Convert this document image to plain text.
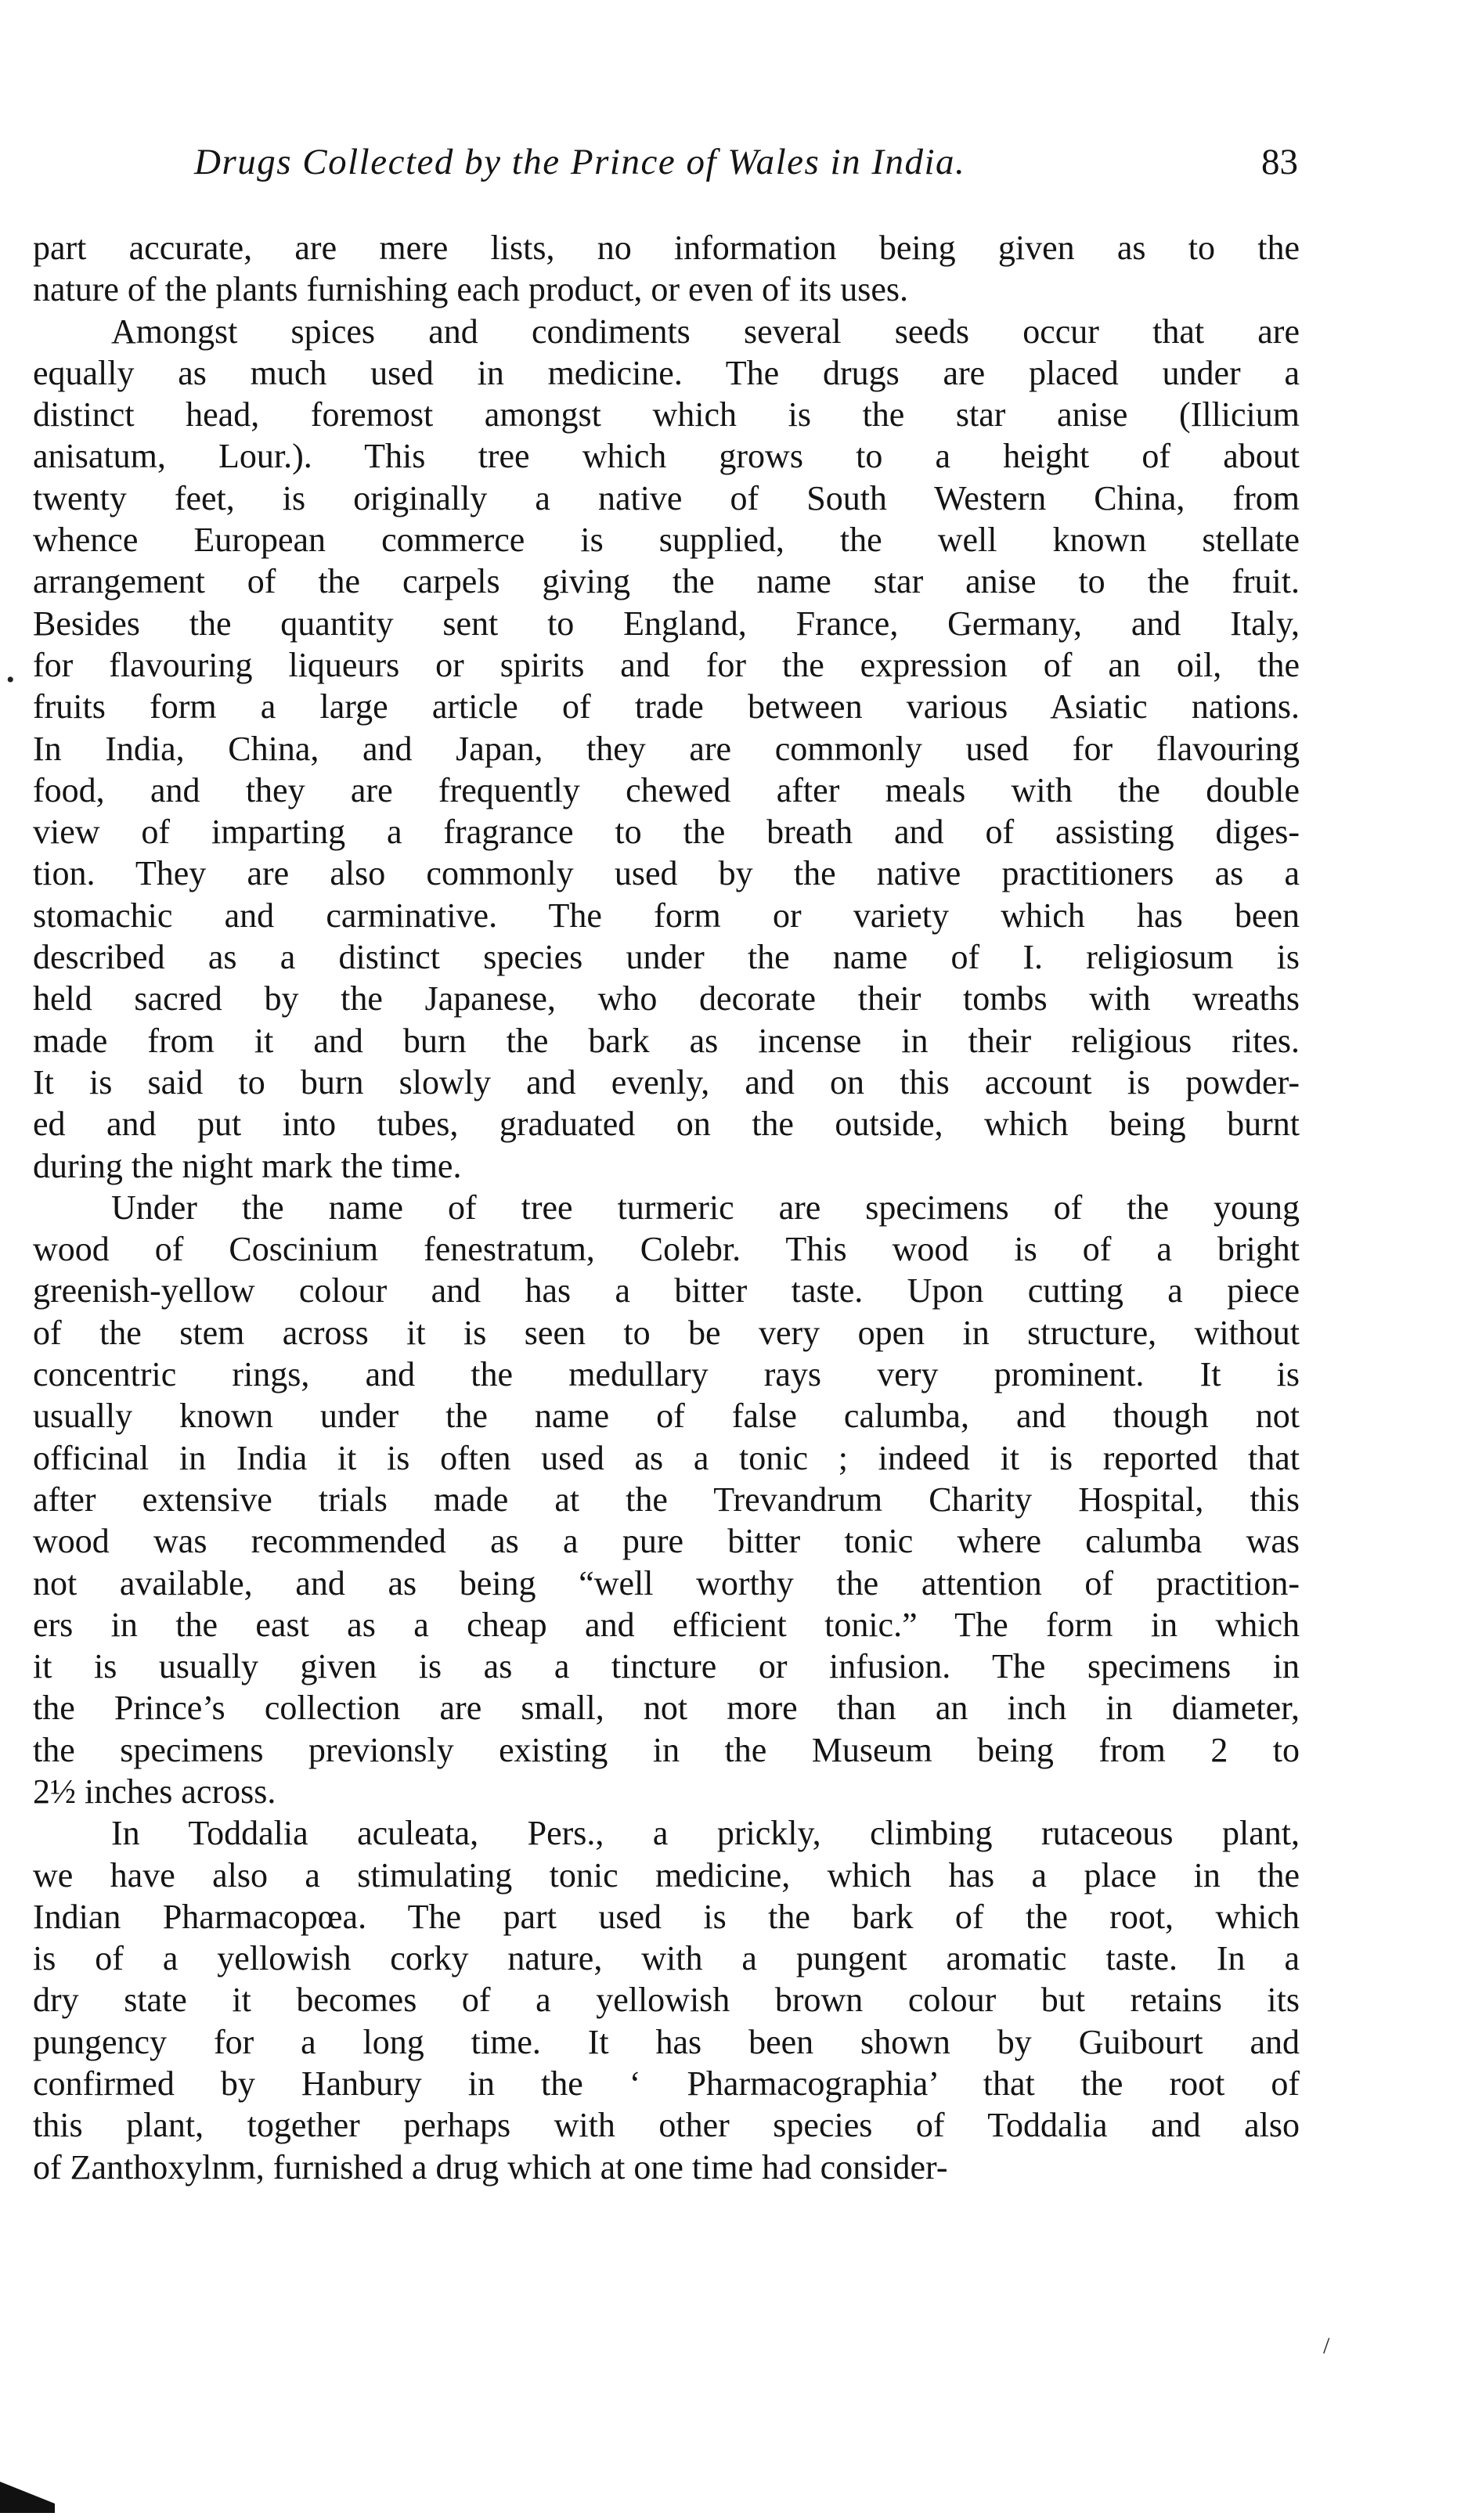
Drugs Collected by the Prince of Wales in India.	83
part accurate, are mere lists, no information being given as to the
nature of the plants furnishing each product, or even of its uses.
Amongst spices and condiments several seeds occur that are
equally as much used in medicine. The drugs are placed under a
distinct head, foremost amongst which is the star anise (Illicium
anisatum, Lour.). This tree which grows to a height of about
twenty feet, is originally a native of South Western China, from
whence European commerce is supplied, the well known stellate
arrangement of the carpels giving the name star anise to the fruit.
Besides the quantity sent to England, France, Germany, and Italy,
for flavouring liqueurs or spirits and for the expression of an oil, the
fruits form a large article of trade between various Asiatic nations.
In India, China, and Japan, they are commonly used for flavouring
food, and they are frequently chewed after meals with the double
view of imparting a fragrance to the breath and of assisting diges-
tion. They are also commonly used by the native practitioners as a
stomachic and carminative. The form or variety which has been
described as a distinct species under the name of I. religiosum is
held sacred by the Japanese, who decorate their tombs with wreaths
made from it and burn the bark as incense in their religious rites.
It is said to burn slowly and evenly, and on this account is powder-
ed and put into tubes, graduated on the outside, which being burnt
during the night mark the time.
Under the name of tree turmeric are specimens of the young
wood of Coscinium fenestratum, Colebr. This wood is of a bright
greenish-yellow colour and has a bitter taste. Upon cutting a piece
of the stem across it is seen to be very open in structure, without
concentric rings, and the medullary rays very prominent. It is
usually known under the name of false calumba, and though not
officinal in India it is often used as a tonic ; indeed it is reported that
after extensive trials made at the Trevandrum Charity Hospital, this
wood was recommended as a pure bitter tonic where calumba was
not available, and as being “well worthy the attention of practition-
ers in the east as a cheap and efficient tonic.” The form in which
it is usually given is as a tincture or infusion. The specimens in
the Prince’s collection are small, not more than an inch in diameter,
the specimens previonsly existing in the Museum being from 2 to
2½ inches across.
In Toddalia aculeata, Pers., a prickly, climbing rutaceous plant,
we have also a stimulating tonic medicine, which has a place in the
Indian Pharmacopœa. The part used is the bark of the root, which
is of a yellowish corky nature, with a pungent aromatic taste. In a
dry state it becomes of a yellowish brown colour but retains its
pungency for a long time. It has been shown by Guibourt and
confirmed by Hanbury in the ‘ Pharmacographia’ that the root of
this plant, together perhaps with other species of Toddalia and also
of Zanthoxylnm, furnished a drug which at one time had consider-
•
/
